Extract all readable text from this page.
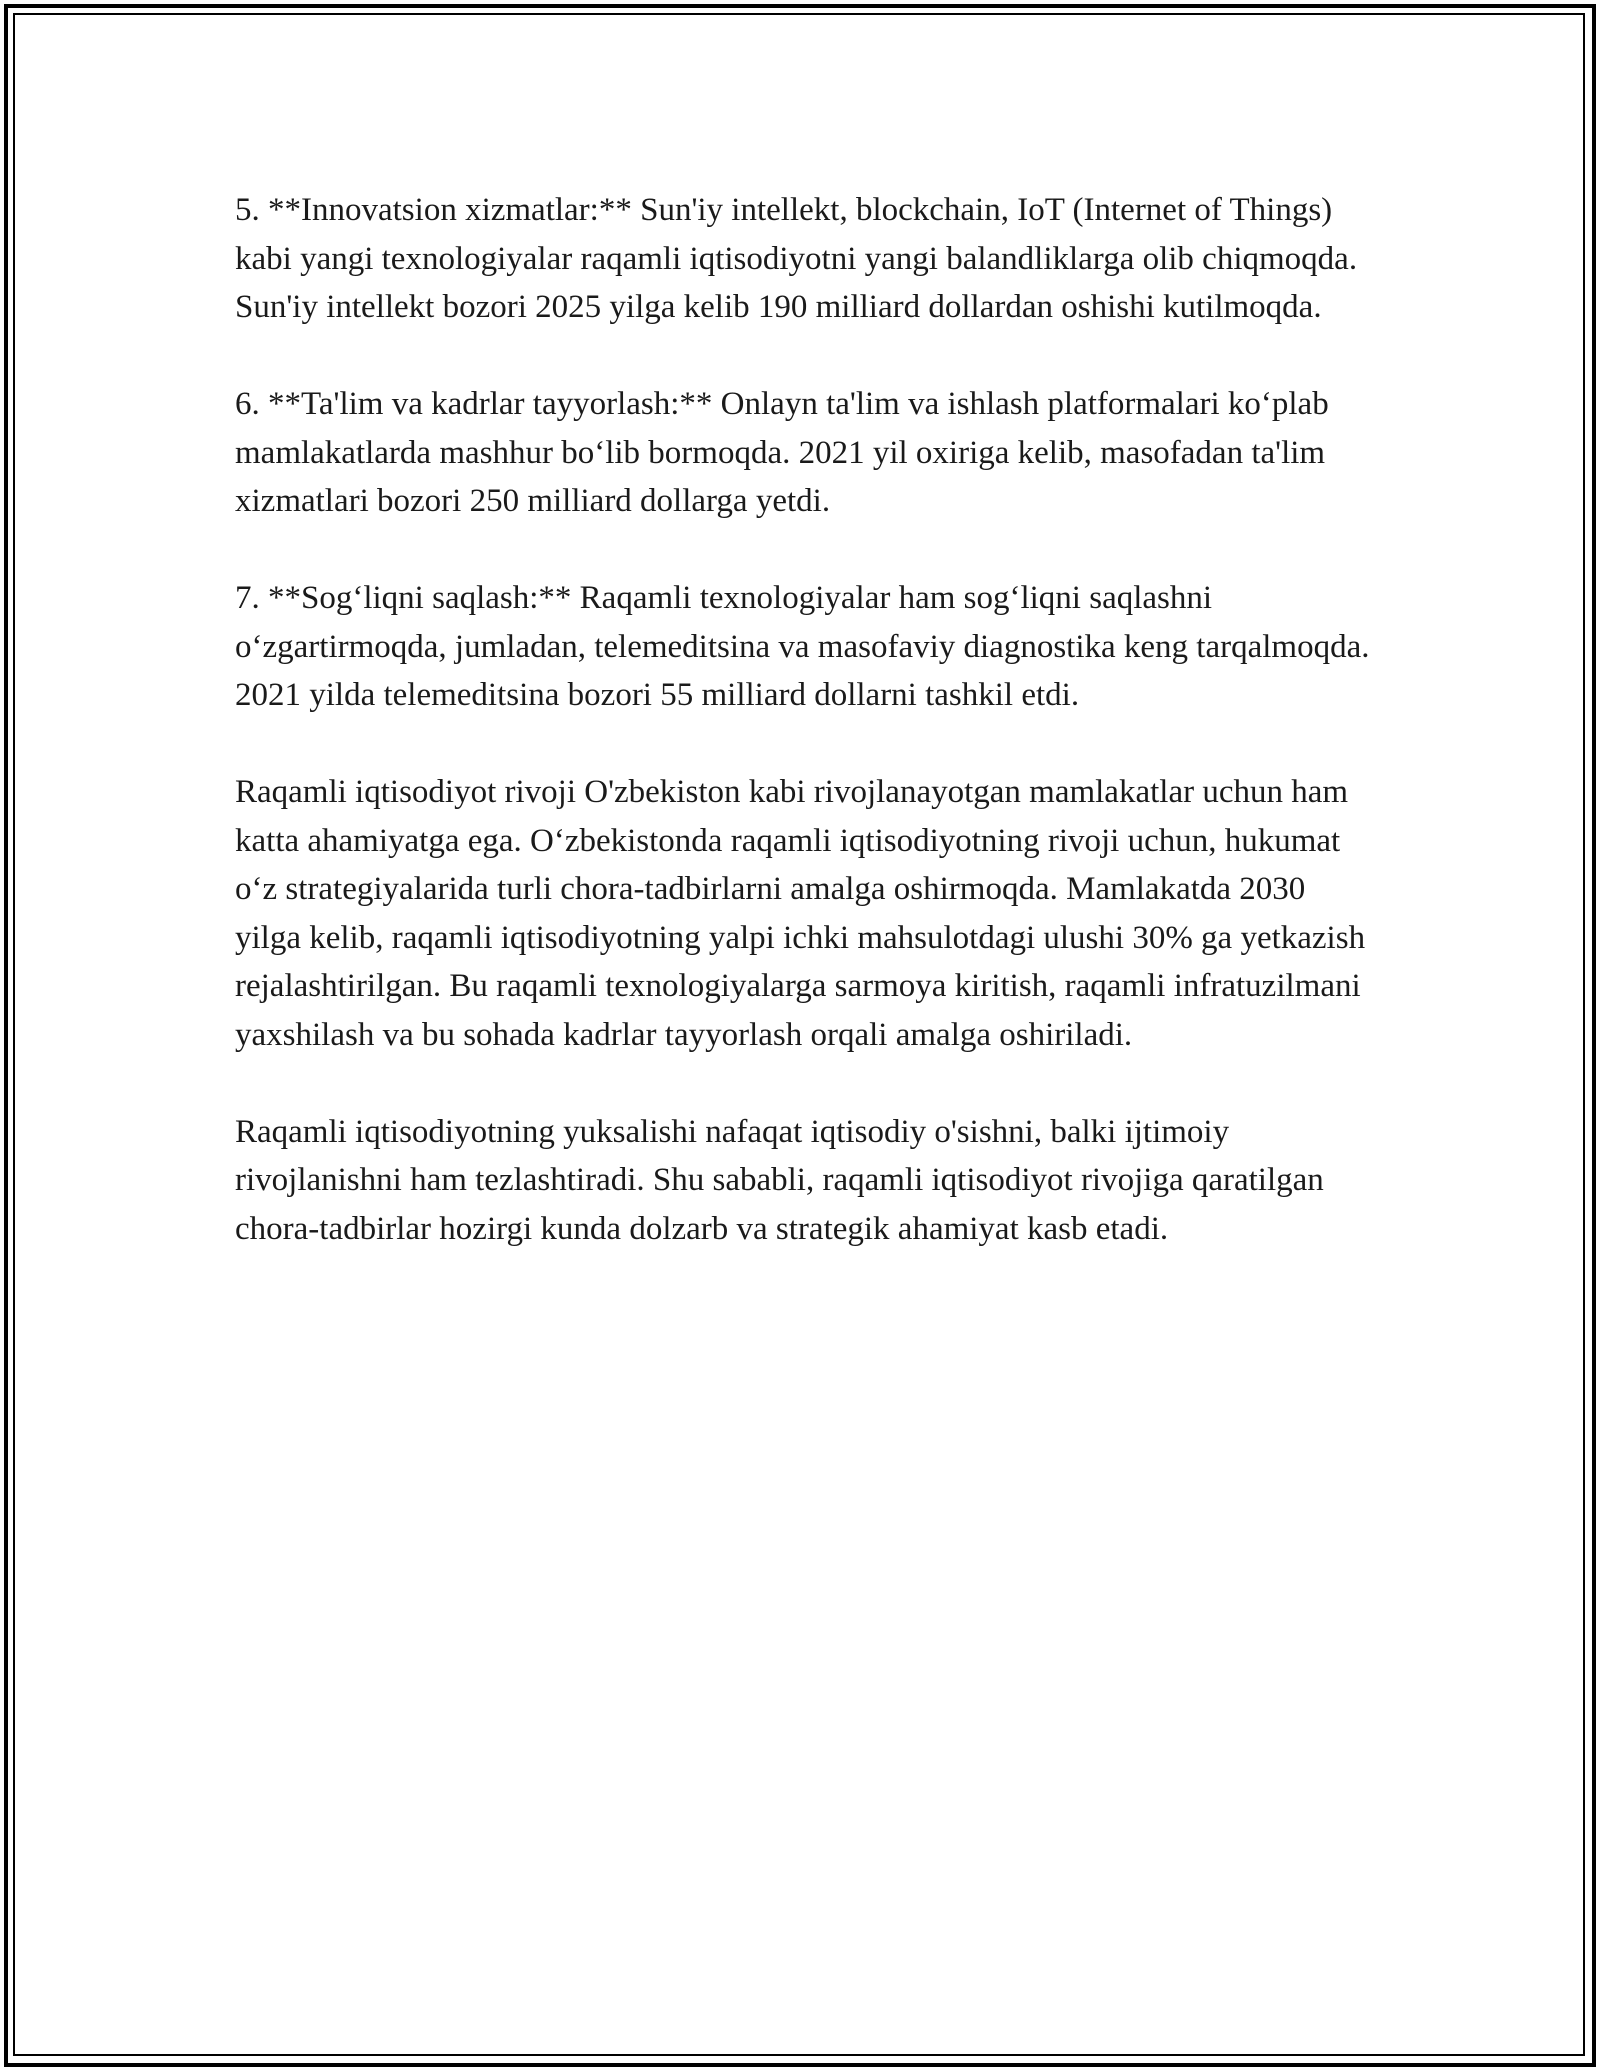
5. **Innovatsion xizmatlar:** Sun'iy intellekt, blockchain, IoT (Internet of Things) kabi yangi texnologiyalar raqamli iqtisodiyotni yangi balandliklarga olib chiqmoqda. Sun'iy intellekt bozori 2025 yilga kelib 190 milliard dollardan oshishi kutilmoqda.

6. **Ta'lim va kadrlar tayyorlash:** Onlayn ta'lim va ishlash platformalari ko‘plab mamlakatlarda mashhur bo‘lib bormoqda. 2021 yil oxiriga kelib, masofadan ta'lim xizmatlari bozori 250 milliard dollarga yetdi.

7. **Sog‘liqni saqlash:** Raqamli texnologiyalar ham sog‘liqni saqlashni o‘zgartirmoqda, jumladan, telemeditsina va masofaviy diagnostika keng tarqalmoqda. 2021 yilda telemeditsina bozori 55 milliard dollarni tashkil etdi.

Raqamli iqtisodiyot rivoji O'zbekiston kabi rivojlanayotgan mamlakatlar uchun ham katta ahamiyatga ega. O‘zbekistonda raqamli iqtisodiyotning rivoji uchun, hukumat o‘z strategiyalarida turli chora-tadbirlarni amalga oshirmoqda. Mamlakatda 2030 yilga kelib, raqamli iqtisodiyotning yalpi ichki mahsulotdagi ulushi 30% ga yetkazish rejalashtirilgan. Bu raqamli texnologiyalarga sarmoya kiritish, raqamli infratuzilmani yaxshilash va bu sohada kadrlar tayyorlash orqali amalga oshiriladi.

Raqamli iqtisodiyotning yuksalishi nafaqat iqtisodiy o'sishni, balki ijtimoiy rivojlanishni ham tezlashtiradi. Shu sababli, raqamli iqtisodiyot rivojiga qaratilgan chora-tadbirlar hozirgi kunda dolzarb va strategik ahamiyat kasb etadi.
